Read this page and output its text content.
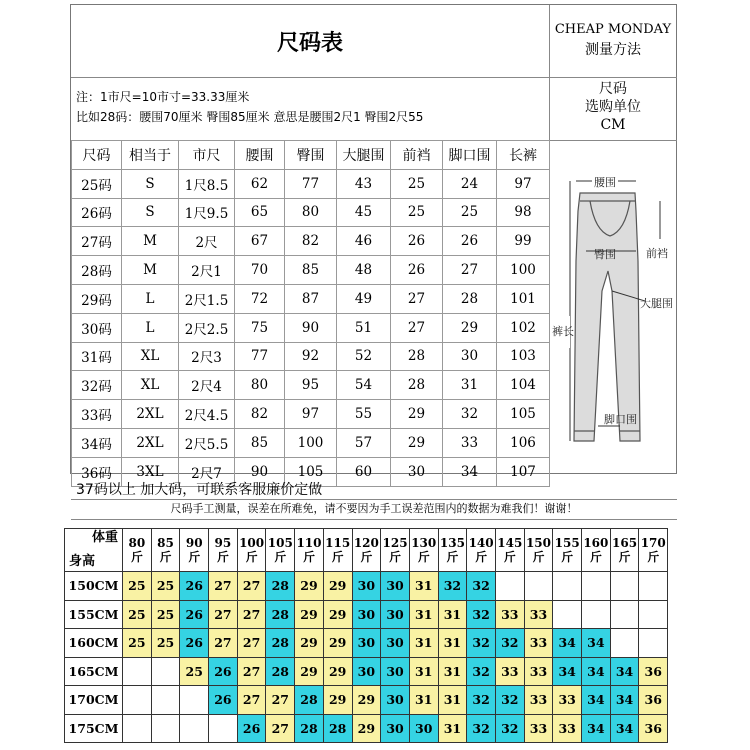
尺码表
CHEAP MONDAY
测量方法
尺码
选购单位
CM
注：1市尺=10市寸=33.33厘米
比如28码：腰围70厘米 臀围85厘米 意思是腰围2尺1 臀围2尺55
尺码	相当于	市尺	腰围	臀围	大腿围	前裆	脚口围	长裤
25码	S	1尺8.5	62	77	43	25	24	97
26码	S	1尺9.5	65	80	45	25	25	98
27码	M	2尺	67	82	46	26	26	99
28码	M	2尺1	70	85	48	26	27	100
29码	L	2尺1.5	72	87	49	27	28	101
30码	L	2尺2.5	75	90	51	27	29	102
31码	XL	2尺3	77	92	52	28	30	103
32码	XL	2尺4	80	95	54	28	31	104
33码	2XL	2尺4.5	82	97	55	29	32	105
34码	2XL	2尺5.5	85	100	57	29	33	106
36码	3XL	2尺7	90	105	60	30	34	107
腰围
臀围	前裆
大腿围
裤长
脚口围
37码以上 加大码，可联系客服廉价定做
尺码手工测量，误差在所难免，请不要因为手工误差范围内的数据为难我们！谢谢！
体重
身高	80斤	85斤	90斤	95斤	100斤	105斤	110斤	115斤	120斤	125斤	130斤	135斤	140斤	145斤	150斤	155斤	160斤	165斤	170斤
150CM	25	25	26	27	27	28	29	29	30	30	31	32	32						
155CM	25	25	26	27	27	28	29	29	30	30	31	31	32	33	33				
160CM	25	25	26	27	27	28	29	29	30	30	31	31	32	32	33	34	34		
165CM			25	26	27	28	29	29	30	30	31	31	32	33	33	34	34	34	36
170CM				26	27	27	28	29	29	30	31	31	32	32	33	33	34	34	36
175CM					26	27	28	28	29	30	30	31	32	32	33	33	34	34	36
